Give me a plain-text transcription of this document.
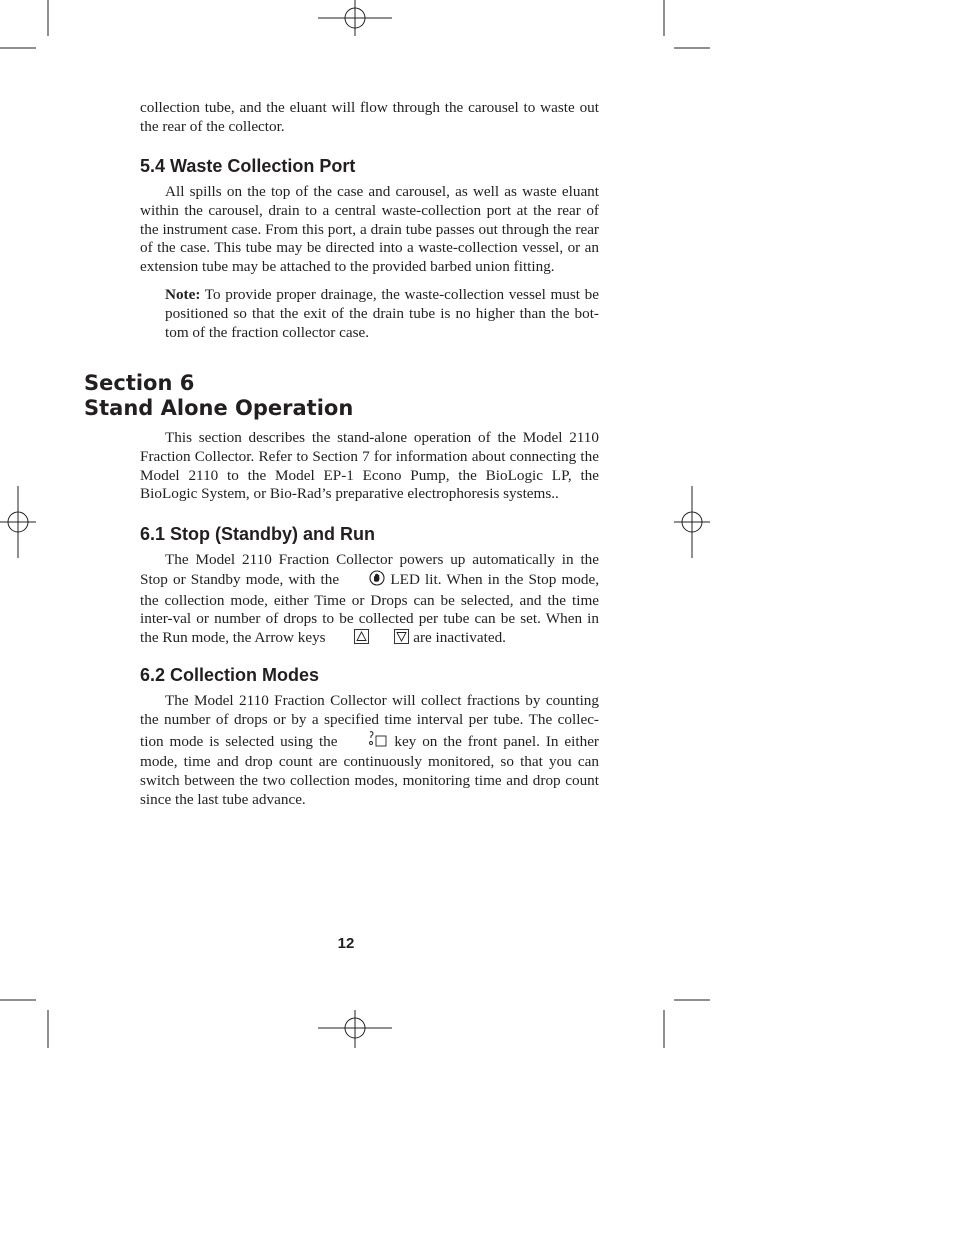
collection tube, and the eluant will flow through the carousel to waste out the rear of the collector.

5.4 Waste Collection Port

All spills on the top of the case and carousel, as well as waste eluant within the carousel, drain to a central waste-collection port at the rear of the instrument case. From this port, a drain tube passes out through the rear of the case. This tube may be directed into a waste-collection vessel, or an extension tube may be attached to the provided barbed union fitting.

Note: To provide proper drainage, the waste-collection vessel must be positioned so that the exit of the drain tube is no higher than the bot-tom of the fraction collector case.

Section 6
Stand Alone Operation

This section describes the stand-alone operation of the Model 2110 Fraction Collector. Refer to Section 7 for information about connecting the Model 2110 to the Model EP-1 Econo Pump, the BioLogic LP, the BioLogic System, or Bio-Rad’s preparative electrophoresis systems..

6.1 Stop (Standby) and Run

The Model 2110 Fraction Collector powers up automatically in the Stop or Standby mode, with the	LED lit. When in the Stop mode, the collection mode, either Time or Drops can be selected, and the time inter-val or number of drops to be collected per tube can be set. When in the Run mode, the Arrow keys	are inactivated.

6.2 Collection Modes

The Model 2110 Fraction Collector will collect fractions by counting the number of drops or by a specified time interval per tube. The collec-tion mode is selected using the	key on the front panel. In either mode, time and drop count are continuously monitored, so that you can switch between the two collection modes, monitoring time and drop count since the last tube advance.

12
